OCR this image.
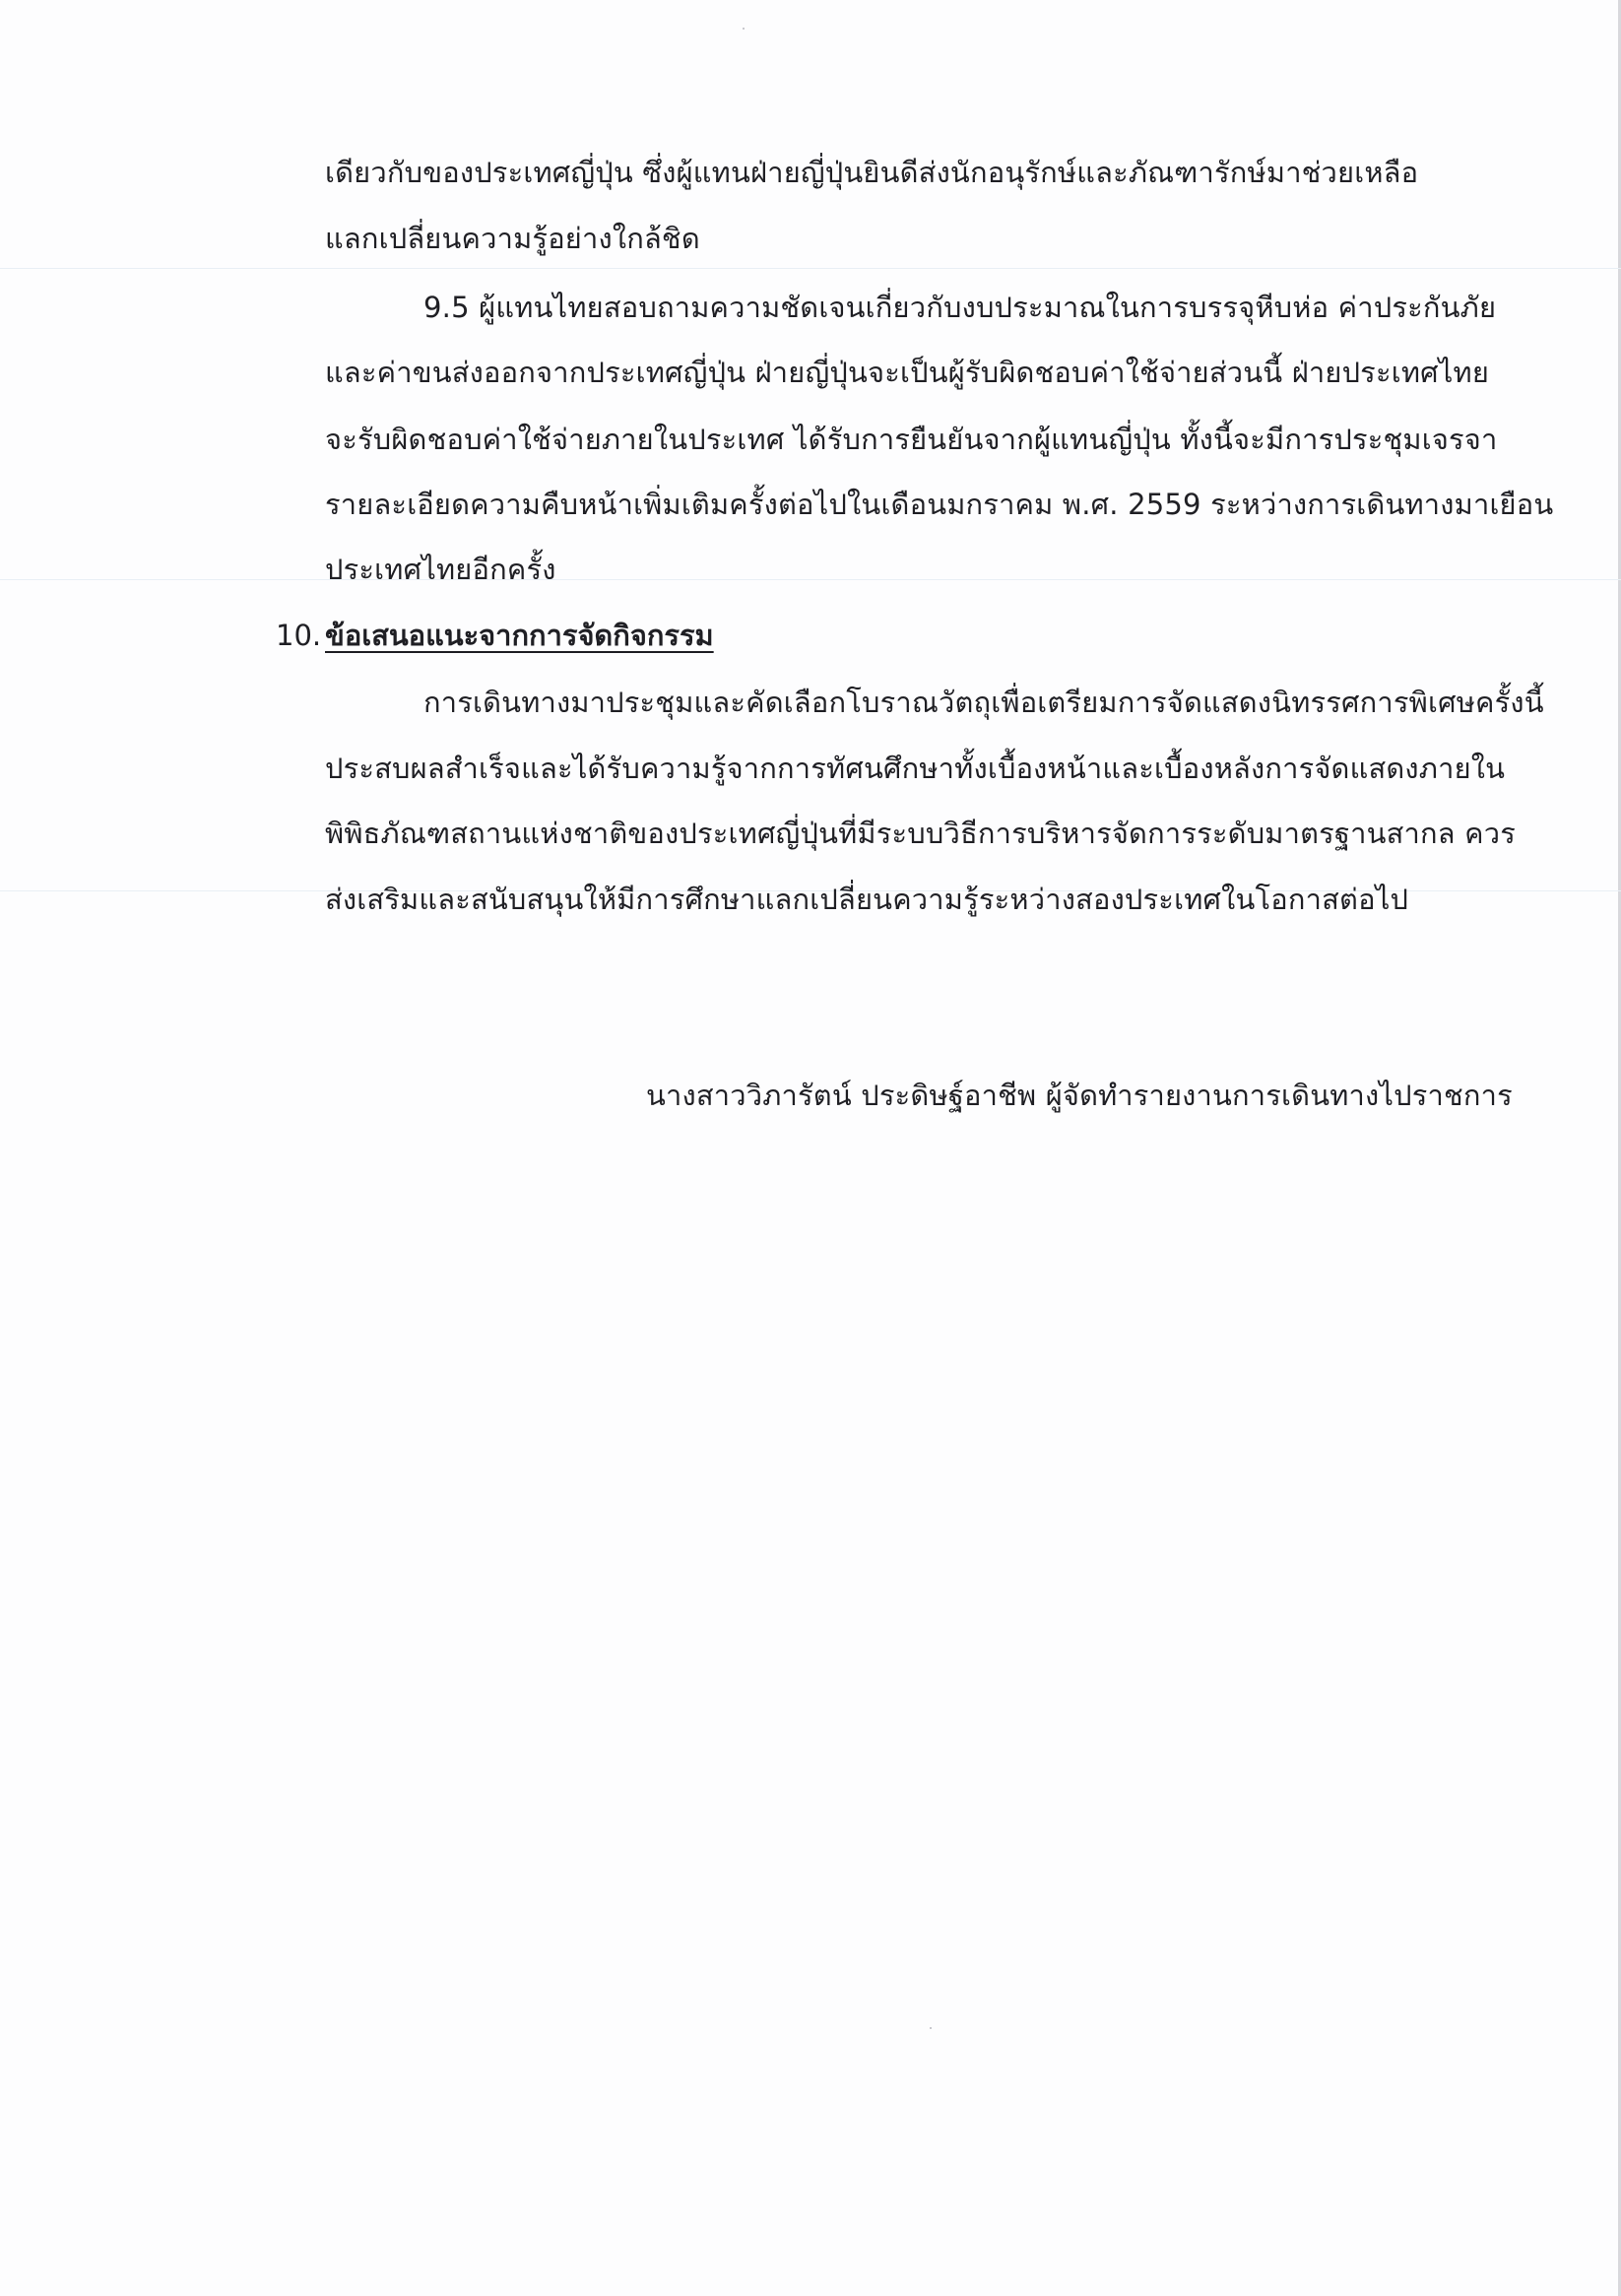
เดียวกับของประเทศญี่ปุ่น ซึ่งผู้แทนฝ่ายญี่ปุ่นยินดีส่งนักอนุรักษ์และภัณฑารักษ์มาช่วยเหลือ
แลกเปลี่ยนความรู้อย่างใกล้ชิด
9.5 ผู้แทนไทยสอบถามความชัดเจนเกี่ยวกับงบประมาณในการบรรจุหีบห่อ ค่าประกันภัย
และค่าขนส่งออกจากประเทศญี่ปุ่น ฝ่ายญี่ปุ่นจะเป็นผู้รับผิดชอบค่าใช้จ่ายส่วนนี้ ฝ่ายประเทศไทย
จะรับผิดชอบค่าใช้จ่ายภายในประเทศ ได้รับการยืนยันจากผู้แทนญี่ปุ่น ทั้งนี้จะมีการประชุมเจรจา
รายละเอียดความคืบหน้าเพิ่มเติมครั้งต่อไปในเดือนมกราคม พ.ศ. 2559 ระหว่างการเดินทางมาเยือน
ประเทศไทยอีกครั้ง
10. ข้อเสนอแนะจากการจัดกิจกรรม
การเดินทางมาประชุมและคัดเลือกโบราณวัตถุเพื่อเตรียมการจัดแสดงนิทรรศการพิเศษครั้งนี้
ประสบผลสำเร็จและได้รับความรู้จากการทัศนศึกษาทั้งเบื้องหน้าและเบื้องหลังการจัดแสดงภายใน
พิพิธภัณฑสถานแห่งชาติของประเทศญี่ปุ่นที่มีระบบวิธีการบริหารจัดการระดับมาตรฐานสากล ควร
ส่งเสริมและสนับสนุนให้มีการศึกษาแลกเปลี่ยนความรู้ระหว่างสองประเทศในโอกาสต่อไป
นางสาววิภารัตน์ ประดิษฐ์อาชีพ ผู้จัดทำรายงานการเดินทางไปราชการ
